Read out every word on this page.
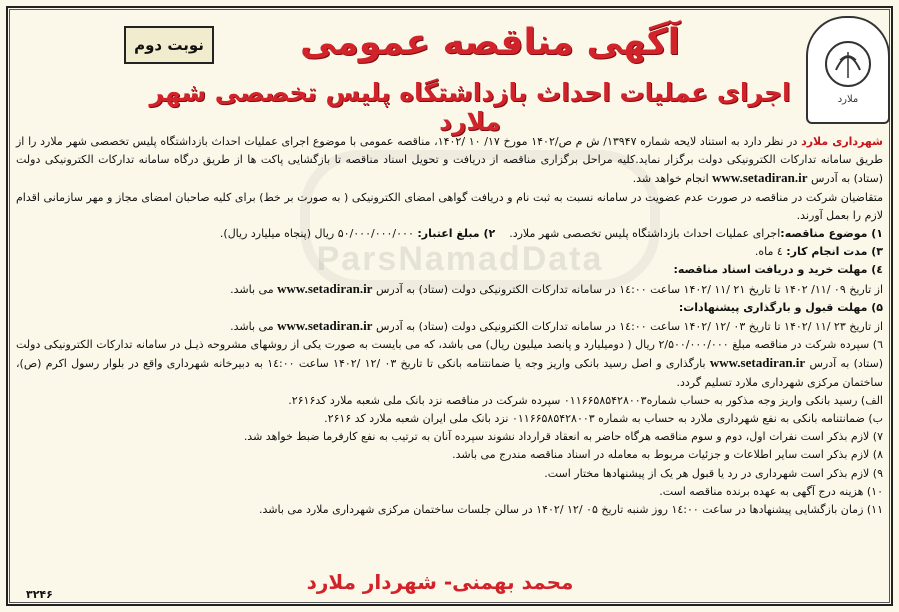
ParsNamadData
نوبت دوم	آگهی مناقصه عمومی
اجرای عملیات احداث بازداشتگاه پلیس تخصصی شهر ملارد
ملارد

شهرداری ملارد در نظر دارد به استناد لایحه شماره ۱۳۹۴۷/ ش م ص/۱۴۰۲ مورخ ۱۷/ ۱۰ /۱۴۰۲، مناقصه عمومی با موضوع اجرای عملیات احداث بازداشتگاه پلیس تخصصی شهر ملارد را از طریق سامانه تدارکات الکترونیکی دولت برگزار نماید.کلیه مراحل برگزاری مناقصه از دریافت و تحویل اسناد مناقصه تا بازگشایی پاکت ها از طریق درگاه سامانه تدارکات الکترونیکی دولت (ستاد) به آدرس www.setadiran.ir انجام خواهد شد.

متقاضیان شرکت در مناقصه در صورت عدم عضویت در سامانه نسبت به ثبت نام و دریافت گواهی امضای الکترونیکی ( به صورت بر خط) برای کلیه صاحبان امضای مجاز و مهر سازمانی اقدام لازم را بعمل آورند.

۱) موضوع مناقصه:اجرای عملیات احداث بازداشتگاه پلیس تخصصی شهر ملارد.    ۲) مبلغ اعتبار: ۵۰/۰۰۰/۰۰۰/۰۰۰ ریال (پنجاه میلیارد ریال).

۳) مدت انجام کار: ٤ ماه.

٤) مهلت خرید و دریافت اسناد مناقصه:

از تاریخ ۰۹ /۱۱/ ۱۴۰۲ تا تاریخ ۲۱ /۱۱ /۱۴۰۲ ساعت ۱٤:۰۰ در سامانه تدارکات الکترونیکی دولت (ستاد) به آدرس www.setadiran.ir می باشد.

۵) مهلت قبول و بارگذاری پیشنهادات:

از تاریخ ۲۳ /۱۱ /۱۴۰۲ تا تاریخ ۰۳ /۱۲ /۱۴۰۲ ساعت ۱٤:۰۰ در سامانه تدارکات الکترونیکی دولت (ستاد) به آدرس www.setadiran.ir می باشد.

٦) سپرده شرکت در مناقصه مبلغ ۲/۵۰۰/۰۰۰/۰۰۰ ریال ( دومیلیارد و پانصد میلیون ریال) می باشد، که می بایست به صورت یکی از روشهای مشروحه ذیـل در سامانه تدارکات الکترونیکی دولت (ستاد) به آدرس www.setadiran.ir بارگذاری و اصل رسید بانکی واریز وجه یا ضمانتنامه بانکی تا تاریخ ۰۳ /۱۲ /۱۴۰۲ ساعت ۱٤:۰۰ به دبیرخانه شهرداری واقع در بلوار رسول اکرم (ص)، ساختمان مرکزی شهرداری ملارد تسلیم گردد.

الف) رسید بانکی واریز وجه مذکور به حساب شماره۰۱۱۶۶۵۸۵۴۲۸۰۰۳ سپرده شرکت در مناقصه نزد بانک ملی شعبه ملارد کد۲۶۱۶.

ب) ضمانتنامه بانکی به نفع شهرداری ملارد به حساب به شماره ۰۱۱۶۶۵۸۵۴۲۸۰۰۳ نزد بانک ملی ایران شعبه ملارد کد ۲۶۱۶.

۷) لازم بذکر است نفرات اول، دوم و سوم مناقصه هرگاه حاضر به انعقاد قرارداد نشوند سپرده آنان به ترتیب به نفع کارفرما ضبط خواهد شد.

۸) لازم بذکر است سایر اطلاعات و جزئیات مربوط به معامله در اسناد مناقصه مندرج می باشد.

۹) لازم بذکر است شهرداری در رد یا قبول هر یک از پیشنهادها مختار است.

۱۰) هزینه درج آگهی به عهده برنده مناقصه است.

۱۱) زمان بازگشایی پیشنهادها در ساعت ۱٤:۰۰ روز شنبه تاریخ ۰۵ /۱۲ /۱۴۰۲ در سالن جلسات ساختمان مرکزی شهرداری ملارد می باشد.

محمد بهمنی- شهردار ملارد
۳۲۴۶
